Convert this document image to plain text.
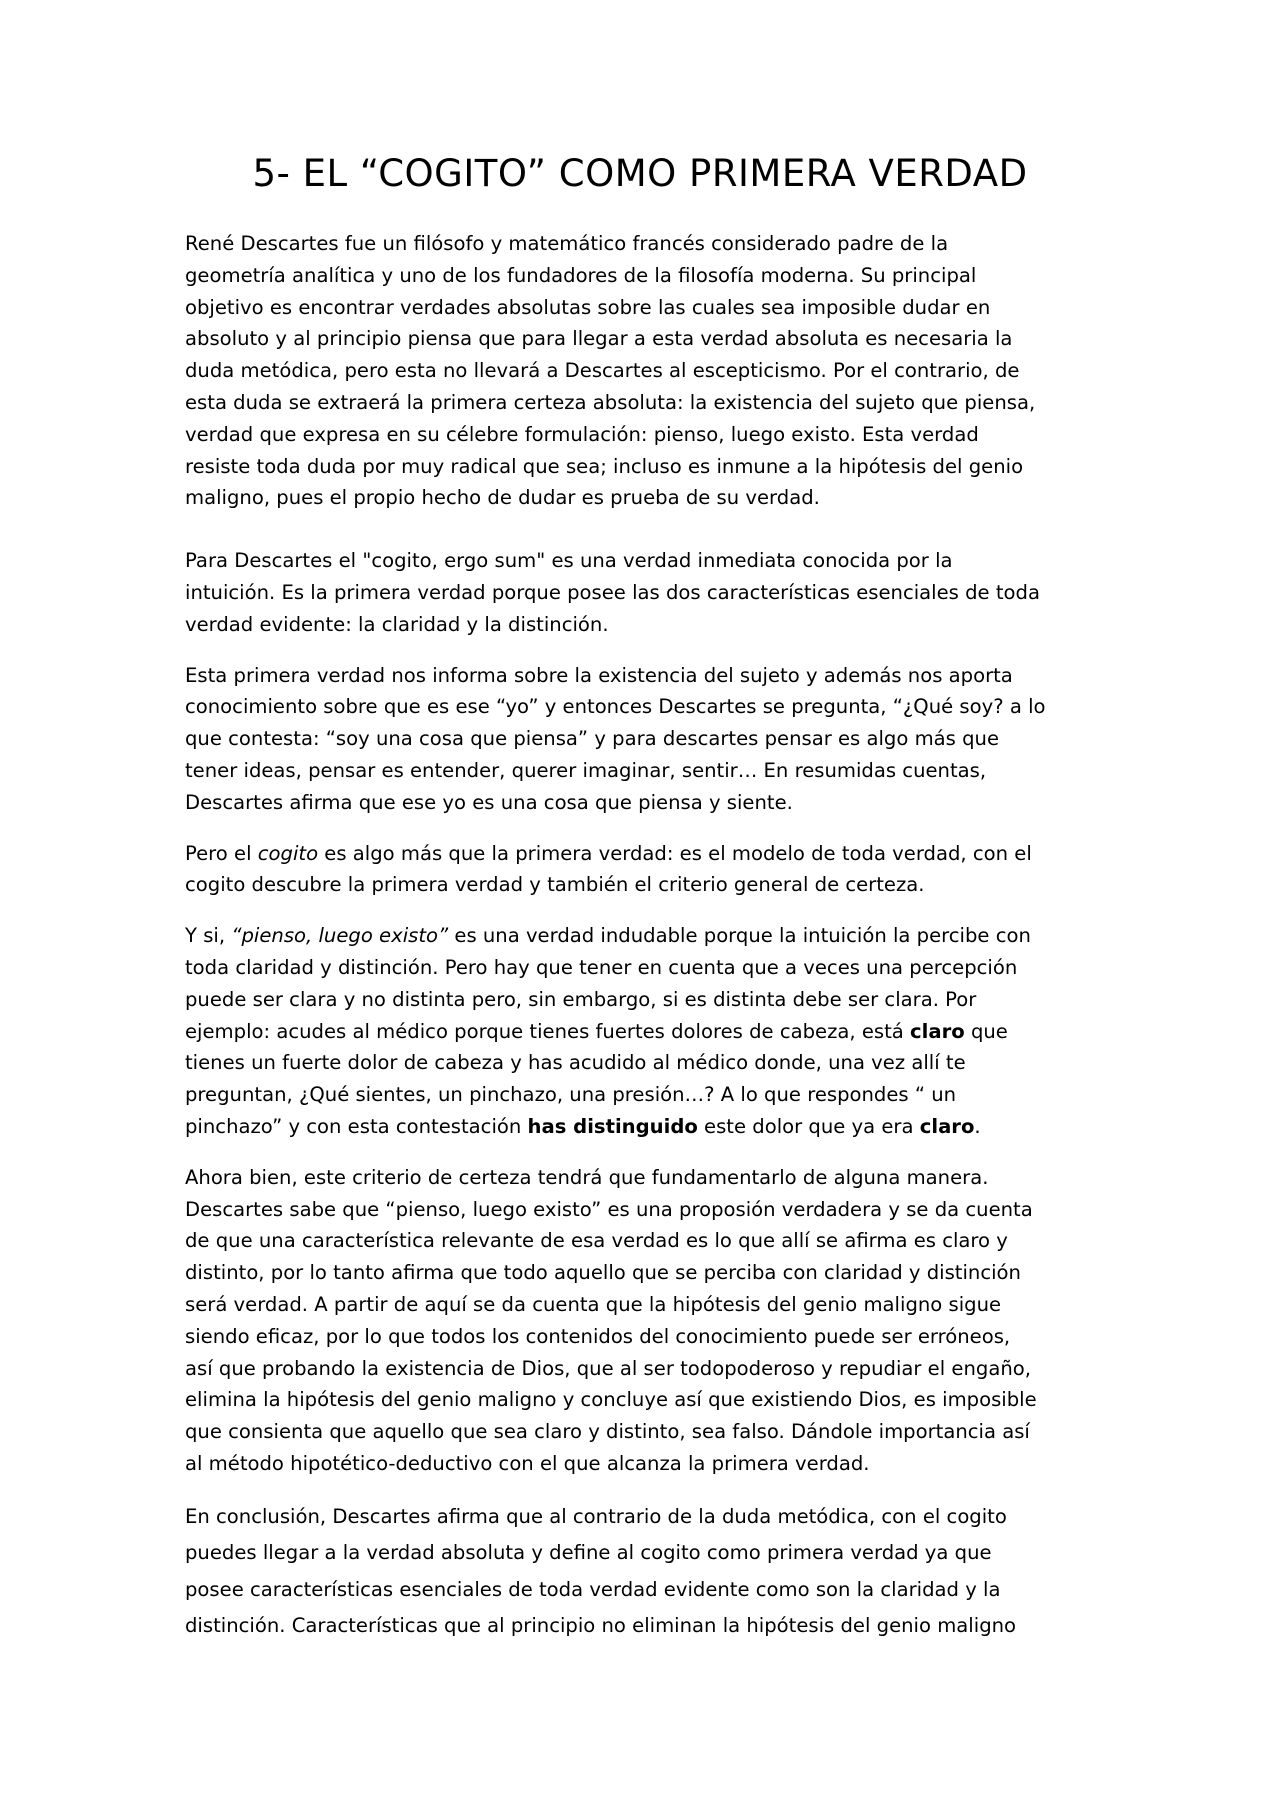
5- EL “COGITO” COMO PRIMERA VERDAD

René Descartes fue un filósofo y matemático francés considerado padre de la
geometría analítica y uno de los fundadores de la filosofía moderna. Su principal
objetivo es encontrar verdades absolutas sobre las cuales sea imposible dudar en
absoluto y al principio piensa que para llegar a esta verdad absoluta es necesaria la
duda metódica, pero esta no llevará a Descartes al escepticismo. Por el contrario, de
esta duda se extraerá la primera certeza absoluta: la existencia del sujeto que piensa,
verdad que expresa en su célebre formulación: pienso, luego existo. Esta verdad
resiste toda duda por muy radical que sea; incluso es inmune a la hipótesis del genio
maligno, pues el propio hecho de dudar es prueba de su verdad.

Para Descartes el "cogito, ergo sum" es una verdad inmediata conocida por la
intuición. Es la primera verdad porque posee las dos características esenciales de toda
verdad evidente: la claridad y la distinción.

Esta primera verdad nos informa sobre la existencia del sujeto y además nos aporta
conocimiento sobre que es ese “yo” y entonces Descartes se pregunta, “¿Qué soy? a lo
que contesta: “soy una cosa que piensa” y para descartes pensar es algo más que
tener ideas, pensar es entender, querer imaginar, sentir… En resumidas cuentas,
Descartes afirma que ese yo es una cosa que piensa y siente.

Pero el cogito es algo más que la primera verdad: es el modelo de toda verdad, con el
cogito descubre la primera verdad y también el criterio general de certeza.

Y si, “pienso, luego existo” es una verdad indudable porque la intuición la percibe con
toda claridad y distinción. Pero hay que tener en cuenta que a veces una percepción
puede ser clara y no distinta pero, sin embargo, si es distinta debe ser clara. Por
ejemplo: acudes al médico porque tienes fuertes dolores de cabeza, está claro que
tienes un fuerte dolor de cabeza y has acudido al médico donde, una vez allí te
preguntan, ¿Qué sientes, un pinchazo, una presión…? A lo que respondes “ un
pinchazo” y con esta contestación has distinguido este dolor que ya era claro.

Ahora bien, este criterio de certeza tendrá que fundamentarlo de alguna manera.
Descartes sabe que “pienso, luego existo” es una proposión verdadera y se da cuenta
de que una característica relevante de esa verdad es lo que allí se afirma es claro y
distinto, por lo tanto afirma que todo aquello que se perciba con claridad y distinción
será verdad. A partir de aquí se da cuenta que la hipótesis del genio maligno sigue
siendo eficaz, por lo que todos los contenidos del conocimiento puede ser erróneos,
así que probando la existencia de Dios, que al ser todopoderoso y repudiar el engaño,
elimina la hipótesis del genio maligno y concluye así que existiendo Dios, es imposible
que consienta que aquello que sea claro y distinto, sea falso. Dándole importancia así
al método hipotético-deductivo con el que alcanza la primera verdad.

En conclusión, Descartes afirma que al contrario de la duda metódica, con el cogito
puedes llegar a la verdad absoluta y define al cogito como primera verdad ya que
posee características esenciales de toda verdad evidente como son la claridad y la
distinción. Características que al principio no eliminan la hipótesis del genio maligno
